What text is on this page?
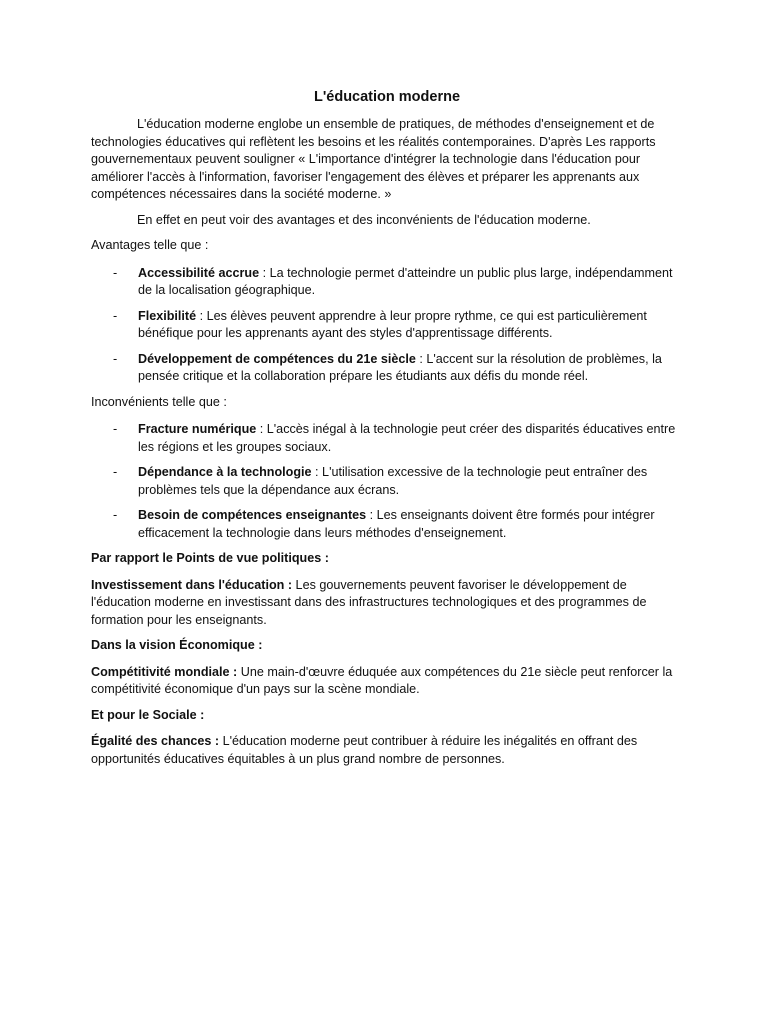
L'éducation moderne

L'éducation moderne englobe un ensemble de pratiques, de méthodes d'enseignement et de technologies éducatives qui reflètent les besoins et les réalités contemporaines. D'après Les rapports gouvernementaux peuvent souligner « L'importance d'intégrer la technologie dans l'éducation pour améliorer l'accès à l'information, favoriser l'engagement des élèves et préparer les apprenants aux compétences nécessaires dans la société moderne. »

En effet en peut voir des avantages et des inconvénients de l'éducation moderne.

Avantages telle que :

- Accessibilité accrue : La technologie permet d'atteindre un public plus large, indépendamment de la localisation géographique.
- Flexibilité : Les élèves peuvent apprendre à leur propre rythme, ce qui est particulièrement bénéfique pour les apprenants ayant des styles d'apprentissage différents.
- Développement de compétences du 21e siècle : L'accent sur la résolution de problèmes, la pensée critique et la collaboration prépare les étudiants aux défis du monde réel.

Inconvénients telle que :

- Fracture numérique : L'accès inégal à la technologie peut créer des disparités éducatives entre les régions et les groupes sociaux.
- Dépendance à la technologie : L'utilisation excessive de la technologie peut entraîner des problèmes tels que la dépendance aux écrans.
- Besoin de compétences enseignantes : Les enseignants doivent être formés pour intégrer efficacement la technologie dans leurs méthodes d'enseignement.

Par rapport le Points de vue politiques :

Investissement dans l'éducation : Les gouvernements peuvent favoriser le développement de l'éducation moderne en investissant dans des infrastructures technologiques et des programmes de formation pour les enseignants.

Dans la vision Économique :

Compétitivité mondiale : Une main-d'œuvre éduquée aux compétences du 21e siècle peut renforcer la compétitivité économique d'un pays sur la scène mondiale.

Et pour le Sociale :

Égalité des chances : L'éducation moderne peut contribuer à réduire les inégalités en offrant des opportunités éducatives équitables à un plus grand nombre de personnes.
